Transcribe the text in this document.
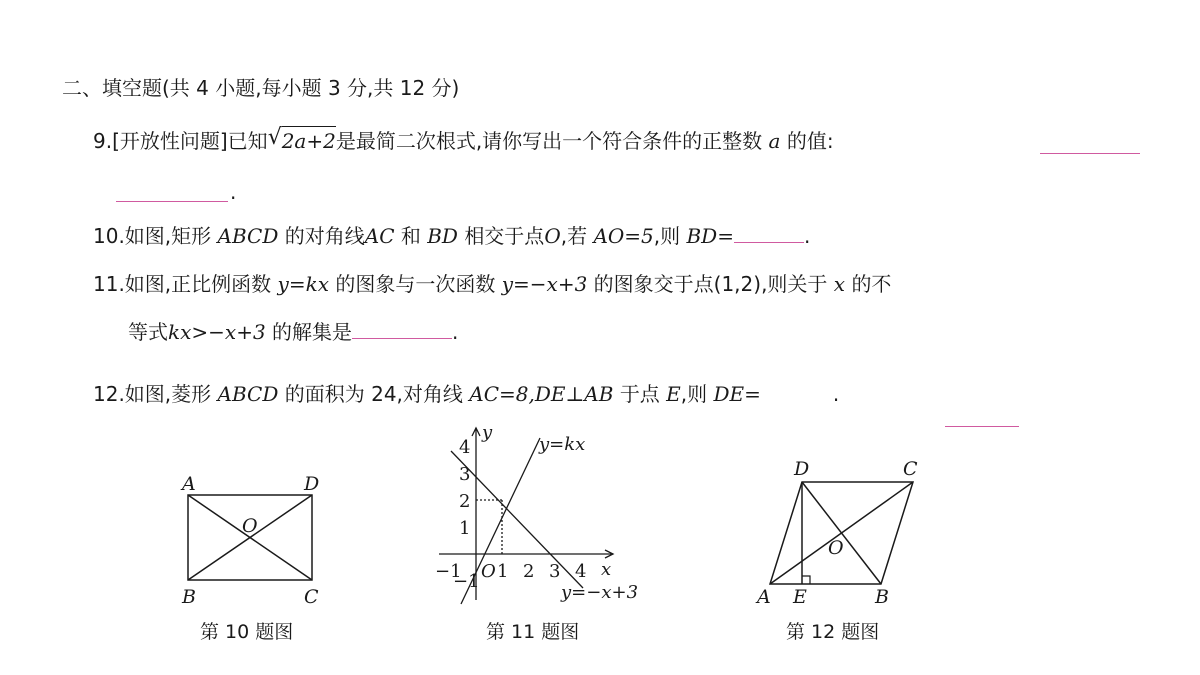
二、填空题(共 4 小题,每小题 3 分,共 12 分)
9.[开放性问题]已知 √ 2a+2是最简二次根式,请你写出一个符合条件的正整数 a 的值:
.
10.如图,矩形 ABCD 的对角线AC 和 BD 相交于点O,若 AO=5,则 BD=	.
11.如图,正比例函数 y=kx 的图象与一次函数 y=−x+3 的图象交于点(1,2),则关于 x 的不
等式kx>−x+3 的解集是	.
12.如图,菱形 ABCD 的面积为 24,对角线 AC=8,DE⊥AB 于点 E,则 DE=	.
A	D
B	C
O
第 10 题图
4
3
2
1
−1
−1 1 2 3 4
O	x
y
y=kx
y=−x+3
第 11 题图
D	C
A E	B
O
第 12 题图
